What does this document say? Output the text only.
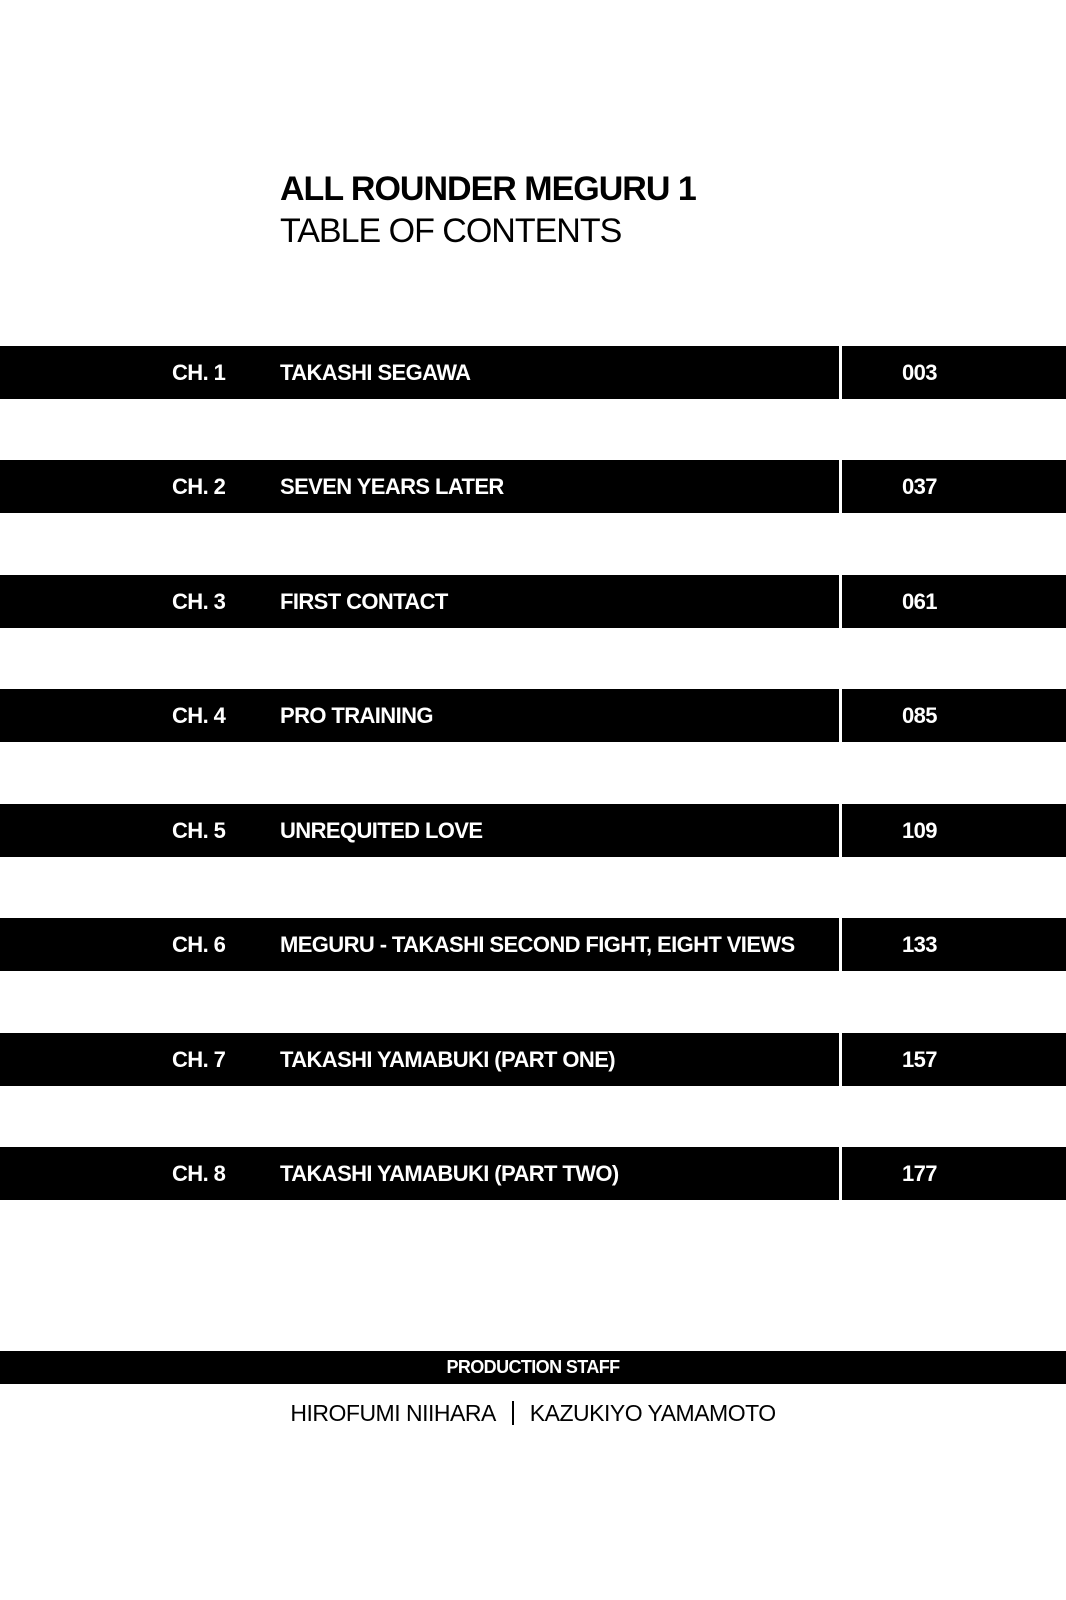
ALL ROUNDER MEGURU 1
TABLE OF CONTENTS
CH. 1 TAKASHI SEGAWA	003
CH. 2 SEVEN YEARS LATER	037
CH. 3 FIRST CONTACT	061
CH. 4 PRO TRAINING	085
CH. 5 UNREQUITED LOVE	109
CH. 6 MEGURU - TAKASHI SECOND FIGHT, EIGHT VIEWS	133
CH. 7 TAKASHI YAMABUKI (PART ONE)	157
CH. 8 TAKASHI YAMABUKI (PART TWO)	177
PRODUCTION STAFF
HIROFUMI NIIHARA KAZUKIYO YAMAMOTO
